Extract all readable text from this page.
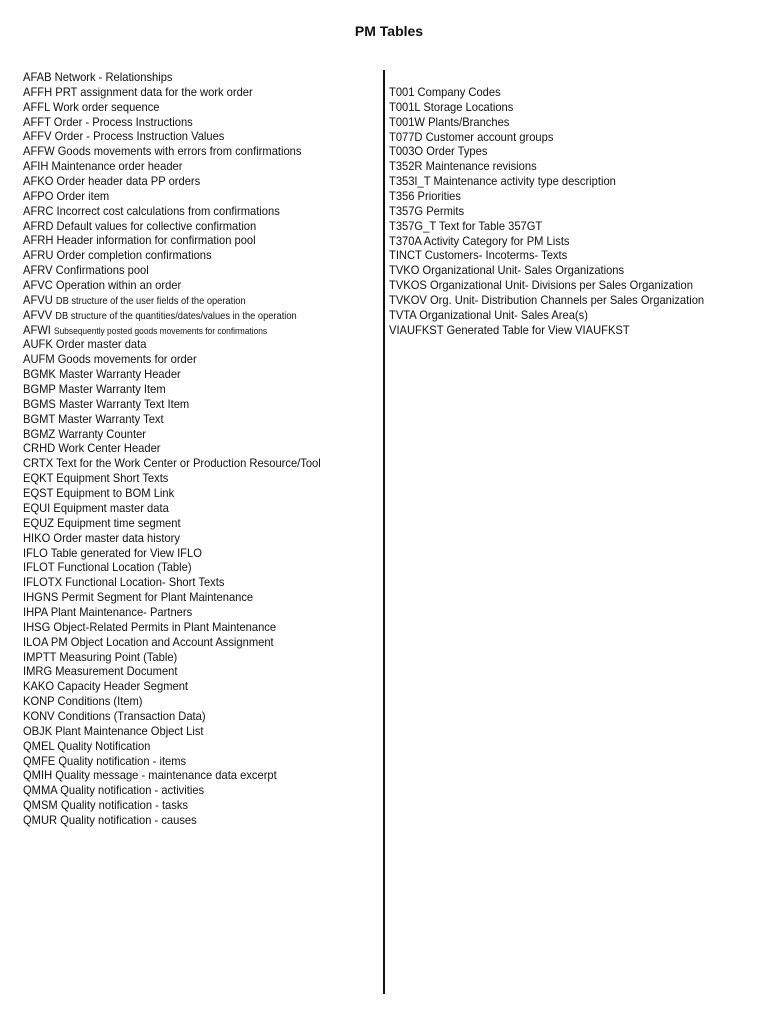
PM Tables
AFAB Network - Relationships
AFFH PRT assignment data for the work order
AFFL Work order sequence
AFFT Order - Process Instructions
AFFV Order - Process Instruction Values
AFFW Goods movements with errors from confirmations
AFIH Maintenance order header
AFKO Order header data PP orders
AFPO Order item
AFRC Incorrect cost calculations from confirmations
AFRD Default values for collective confirmation
AFRH Header information for confirmation pool
AFRU Order completion confirmations
AFRV Confirmations pool
AFVC Operation within an order
AFVU DB structure of the user fields of the operation
AFVV DB structure of the quantities/dates/values in the operation
AFWI Subsequently posted goods movements for confirmations
AUFK Order master data
AUFM Goods movements for order
BGMK Master Warranty Header
BGMP Master Warranty Item
BGMS Master Warranty Text Item
BGMT Master Warranty Text
BGMZ Warranty Counter
CRHD Work Center Header
CRTX Text for the Work Center or Production Resource/Tool
EQKT Equipment Short Texts
EQST Equipment to BOM Link
EQUI Equipment master data
EQUZ Equipment time segment
HIKO Order master data history
IFLO Table generated for View IFLO
IFLOT Functional Location (Table)
IFLOTX Functional Location- Short Texts
IHGNS Permit Segment for Plant Maintenance
IHPA Plant Maintenance- Partners
IHSG Object-Related Permits in Plant Maintenance
ILOA PM Object Location and Account Assignment
IMPTT Measuring Point (Table)
IMRG Measurement Document
KAKO Capacity Header Segment
KONP Conditions (Item)
KONV Conditions (Transaction Data)
OBJK Plant Maintenance Object List
QMEL Quality Notification
QMFE Quality notification - items
QMIH Quality message - maintenance data excerpt
QMMA Quality notification - activities
QMSM Quality notification - tasks
QMUR Quality notification - causes
T001 Company Codes
T001L Storage Locations
T001W Plants/Branches
T077D Customer account groups
T003O Order Types
T352R Maintenance revisions
T353I_T Maintenance activity type description
T356 Priorities
T357G Permits
T357G_T Text for Table 357GT
T370A Activity Category for PM Lists
TINCT Customers- Incoterms- Texts
TVKO Organizational Unit- Sales Organizations
TVKOS Organizational Unit- Divisions per Sales Organization
TVKOV Org. Unit- Distribution Channels per Sales Organization
TVTA Organizational Unit- Sales Area(s)
VIAUFKST Generated Table for View VIAUFKST
